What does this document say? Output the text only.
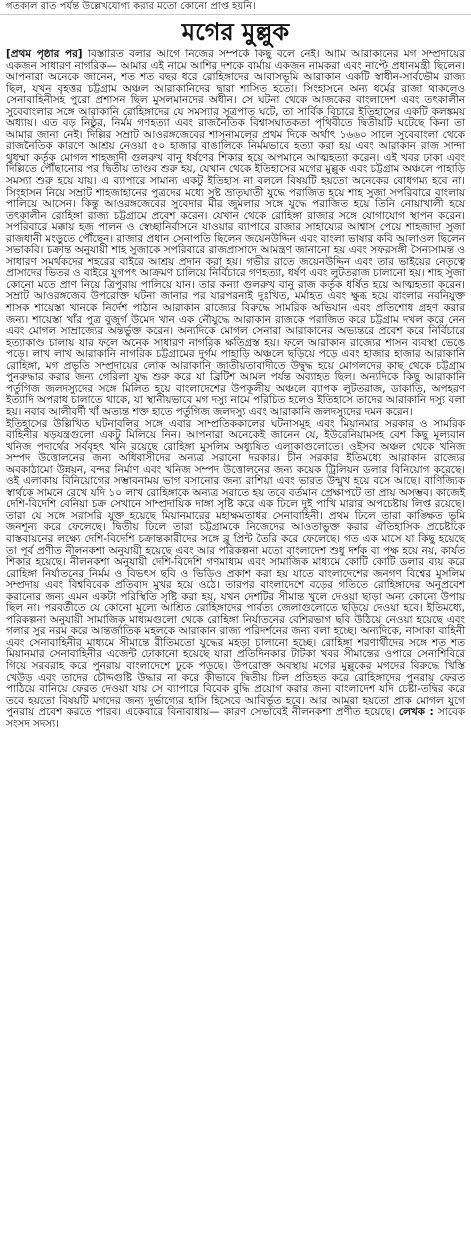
গতকাল রাত পর্যন্ত উল্লেখযোগ্য করার মতো কোনো প্রাপ্ত হয়নি।
মগের মুল্লুক

[প্রথম পৃষ্ঠার পর] বিস্তারিত বলার আগে নিজের সম্পর্কে কিছু বলে নেই। আমি আরাকানের মগ সম্প্রদায়ের একজন সাধারণ নাগরিক— আমার এই নামে আশির দশকে বার্মায় একজন নামকরা এবং নাপ্টে প্রধানমন্ত্রী ছিলেন। আপনারা অনেকে জানেন, শত শত বছর ধরে রোহিঙ্গাদের আবাসভূমি আরাকান একটি স্বাধীন-সার্বভৌম রাজ্য ছিল, যখন বৃহত্তর চট্টগ্রাম অঞ্চল আরাকানিদের দ্বারা শাসিত হতো। সিংহাসনে অন্য ধর্মের রাজা থাকলেও সেনাবাহিনীসহ পুরো প্রশাসন ছিল মুসলমানদের অধীন। সে ঘটনা থেকে আজকের বাংলাদেশ এবং তৎকালীন সুবেবাংলার সঙ্গে আরাকানি রোহিঙ্গাদের যে সমস্যার সূত্রপাত ঘটে, তা সার্বিক বিচারে ইতিহাসের একটি কলঙ্কময় অধ্যায়। এত বড় নিষ্ঠুর, নির্মম গণহত্যা এবং রাজনৈতিক বিশ্বাসঘাতকতা পৃথিবীতে দ্বিতীয়টি ঘটেছে কিনা তা আমার জানা নেই। দিল্লির সম্রাট আওরঙ্গজেবের শাসনামলের প্রথম দিকে অর্থাৎ ১৬৬০ সালে সুবেবাংলা থেকে রাজনৈতিক কারণে আশ্রয় নেওয়া ৫০ হাজার বাঙালিকে নির্মমভাবে হত্যা করা হয় এবং আরাকান রাজ সান্দা থুধম্মা কর্তৃক মোগল শাহজাদী গুলরুখ বানু ধর্ষণের শিকার হয়ে অপমানে আত্মহত্যা করেন। এই খবর ঢাকা এবং দিল্লিতে পৌঁছানোর পর দ্বিতীয় তাণ্ডব শুরু হয়, যেখান থেকে ইতিহাসের মগের মুল্লুক এবং চট্টগ্রাম অঞ্চলে পাহাড়ি সমস্যা শুরু হয়ে যায়। এ ব্যাপারে সামান্য একটু ইতিহাস না বললে বিষয়টি হয়তো অনেকের বোধগম্য হবে না। সিংহাসন নিয়ে সম্রাট শাহজাহানের পুত্রদের মধ্যে সৃষ্ট ভ্রাতৃঘাতী যুদ্ধে পরাজিত হয়ে শাহ সুজা সপরিবারে বাংলায় পালিয়ে আসেন। কিন্তু আওরঙ্গজেবের সুবেদার মীর জুমলার সঙ্গে যুদ্ধে পরাজিত হয়ে তিনি নোয়াখালী হয়ে তৎকালীন রোহিঙ্গা রাজ্য চট্টগ্রামে প্রবেশ করেন। যেখান থেকে রোহিঙ্গা রাজার সঙ্গে যোগাযোগ স্থাপন করেন। সপরিবারে মক্কায় হজ পালন ও স্বেচ্ছানির্বাসনে যাওয়ার ব্যাপারে রাজার সাহায্যের আশ্বাস পেয়ে শাহজাদা সুজা রাজধানী মংড়ুতে পৌঁছেন। রাজার প্রধান সেনাপতি ছিলেন জয়েনউদ্দিন এবং বাংলা ভাষার কবি আলাওল ছিলেন সভাকবি। চক্রান্ত অনুযায়ী শাহ সুজাকে সপরিবারে রাজপ্রাসাদে আমন্ত্রণ জানানো হয় এবং সফরসঙ্গী সৈন্যসামন্ত ও সাধারণ সমর্থকদের শহরের বাইরে আশ্রয় প্রদান করা হয়। গভীর রাতে জয়েনউদ্দিন এবং তার ভাইয়ের নেতৃত্বে প্রাসাদের ভিতর ও বাইরে যুগপৎ আক্রমণ চালিয়ে নির্বিচারে গণহত্যা, ধর্ষণ এবং লুটতরাজ চালানো হয়। শাহ সুজা কোনো মতে প্রাণ নিয়ে ত্রিপুরায় পালিয়ে যান। তার কন্যা গুলরুখ বানু রাজ কর্তৃক ধর্ষিত হয়ে আত্মহত্যা করেন। সম্রাট আওরঙ্গজেব উপরোক্ত ঘটনা জানার পর যারপরনাই দুঃখিত, মর্মাহত এবং ক্ষুব্ধ হয়ে বাংলার নবনিযুক্ত শাসক শায়েস্তা খানকে নির্দেশ পাঠান আরাকান রাজ্যের বিরুদ্ধে সামরিক অভিযান এবং প্রতিশোধ গ্রহণ করার জন্য। শায়েস্তা খাঁর পুত্র বুজুর্গ উমেদ খান এক নৌযুদ্ধে আরাকান রাজকে পরাজিত করে চট্টগ্রাম দখল করে নেন এবং মোগল সাম্রাজ্যের অন্তর্ভুক্ত করেন। অন্যদিকে মোগল সেনারা আরাকানের অভ্যন্তরে প্রবেশ করে নির্বিচারে হত্যাকাণ্ড চালায় যার ফলে অনেক সাধারণ নাগরিক ক্ষতিগ্রস্ত হয়। ফলে আরাকান রাজ্যের শাসন ব্যবস্থা ভেঙে পড়ে। লাখ লাখ আরাকানি নাগরিক চট্টগ্রামের দুর্গম পাহাড়ি অঞ্চলে ছড়িয়ে পড়ে এবং হাজার হাজার আরাকানি রোহিঙ্গা, মগ প্রভৃতি সম্প্রদায়ের লোক আরাকানি জাতীয়তাবাদীতে উদ্বুদ্ধ হয়ে মোগলদের কাছ থেকে চট্টগ্রাম পুনরুদ্ধার করার জন্য গেরিলা যুদ্ধ শুরু করে যা ব্রিটিশ আমল পর্যন্ত অব্যাহত ছিল। অন্যদিকে কিছু আরাকানি পর্তুগিজ জলদস্যুদের সঙ্গে মিলিত হয়ে বাংলাদেশের উপকূলীয় অঞ্চলে ব্যাপক লুটতরাজ, ডাকাতি, অপহরণ ইত্যাদি অপরাধ চালাতে থাকে, যা স্থানীয়ভাবে মগ দস্যু নামে পরিচিত হলেও ইতিহাসে তাদের আরাকানি দস্যু বলা হয়। নবাব আলীবর্দী খাঁ অত্যন্ত শক্ত হাতে পর্তুগিজ জলদস্যু এবং আরাকানি জলদস্যুদের দমন করেন।

ইতিহাসের উল্লিখিত ঘটনাবলির সঙ্গে এবার সাম্প্রতিককালের ঘটনাসমূহ এবং মিয়ানমার সরকার ও সামরিক বাহিনীর ষড়যন্ত্রগুলো একটু মিলিয়ে নিন। আপনারা অনেকেই জানেন যে, ইউরেনিয়ামসহ বেশ কিছু মূল্যবান খনিজ পদার্থের সর্ববৃহৎ খনি রয়েছে রোহিঙ্গা মুসলিম অধ্যুষিত এলাকাগুলোতে। ওইসব অঞ্চল থেকে খনিজ সম্পদ উত্তোলনের জন্য অধিবাসীদের অন্যত্র সরানো দরকার। চীন সরকার ইতিমধ্যে আরাকান রাজ্যের অবকাঠামো উন্নয়ন, বন্দর নির্মাণ এবং খনিজ সম্পদ উত্তোলনের জন্য কয়েক ট্রিলিয়ন ডলার বিনিয়োগ করেছে। ওই এলাকায় বিনিয়োগের সম্ভাবনাময় ভাগ বসানোর জন্য রাশিয়া এবং ভারত উন্মুখ হয়ে বসে আছে। বাণিজ্যিক স্বার্থকে সামনে রেখে যদি ১০ লাখ রোহিঙ্গাকে অন্যত্র সরাতে হয় তবে বর্তমান প্রেক্ষাপটে তা প্রায় অসম্ভব। কাজেই দেশি-বিদেশি বেনিয়া চক্র সেখানে সাম্প্রদায়িক দাঙ্গা সৃষ্টি করে এক ঢিলে দুই পাখি মারার অপচেষ্টায় লিপ্ত রয়েছে। তারা যে সঙ্গে সরাসরি যুক্ত হয়েছে মিয়ানমারের মহাক্ষমতাধর সেনাবাহিনী। প্রথম ঢিলে তারা কাঙ্ক্ষিত ভূমি জনশূন্য করে ফেলেছে। দ্বিতীয় ঢিলে তারা চট্টগ্রামকে নিজেদের আওতাভুক্ত করার ঐতিহাসিক প্রচেষ্টাকে বাস্তবায়নের লক্ষ্যে দেশি-বিদেশি চক্রান্তকারীদের সঙ্গে ব্লু প্রিন্ট তৈরি করে ফেলেছে। গত এক মাসে যা কিছু হয়েছে তা পূর্ব প্রণীত নীলনকশা অনুযায়ী হয়েছে এবং আর পরিকল্পনা মতো বাংলাদেশ শুধু দর্শক বা পক্ষ হয়ে নয়, কার্যত শিকার হয়েছে। নীলনকশা অনুযায়ী দেশি-বিদেশি গণমাধ্যম এবং সামাজিক মাধ্যমে কোটি কোটি ডলার ব্যয় করে রোহিঙ্গা নির্যাতনের নির্মম ও বিভৎস ছবি ও ভিডিও প্রকাশ করা হয় যাতে বাংলাদেশের জনগণ বিশ্বের মুসলিম সম্প্রদায় এবং বিশ্ববিবেক প্রতিবাদ মুখর হয়ে ওঠে। তারপর বাংলাদেশে বড়ের গতিতে রোহিঙ্গাদের অনুপ্রবেশ করানোর জন্য এমন একটা পরিস্থিতি সৃষ্টি করা হয়, যখন দেশটির সীমান্ত খুলে দেওয়া ছাড়া অন্য কোনো উপায় ছিল না। পরবর্তীতে যে কোনো মূল্যে আশ্রিত রোহিঙ্গাদের পার্বত্য জেলাগুলোতে ছড়িয়ে দেওয়া হবে। ইতিমধ্যে, পরিকল্পনা অনুযায়ী সামাজিক মাধ্যমগুলো থেকে রোহিঙ্গা নির্যাতনের বেশিরভাগ ছবি উঠিয়ে নেওয়া হয়েছে এবং গলার সুর নরম করে আন্তর্জাতিক মহলকে আরাকান রাজ্য পরিদর্শনের জন্য বলা হচ্ছে। অন্যদিকে, নাসাকা বাহিনী এবং সেনাবাহিনীর মাধ্যমে সীমান্তে রীতিমতো যুদ্ধের মহড়া চালানো হচ্ছে। রোহিঙ্গা শরণার্থীদের সঙ্গে শত শত মিয়ানমার সেনাবাহিনীর এজেন্ট ঢোকানো হয়েছে যারা প্রতিদিনকার টাটকা খবর সীমান্তের ওপারে সেনাশিবিরে গিয়ে সরবরাহ করে পুনরায় বাংলাদেশে ঢুকে পড়ছে। উপরোক্ত অবস্থায় মগের মুল্লুকের মগদের বিরুদ্ধে খিস্তি খেউড় এবং তাদের চৌদ্দগুষ্টি উদ্ধার না করে কীভাবে দ্বিতীয় ঢিল প্রতিহত করে রোহিঙ্গাদের পুনরায় ফেরত পাঠিয়ে বানিয়ে ফেরত দেওয়া যায় সে ব্যাপারে বিবেক বুদ্ধি প্রয়োগ করার জন্য বাংলাদেশ যদি চেষ্টা-তদ্বির করে তবে হয়তো বিষয়টি মগদের জন্য দুর্ভাগ্যের হাসি হিসেবে আবির্ভূত হবে। আর আমরা হয়তো প্রাক মোগল যুগে পুনরায় প্রবেশ করতে পারব। একেবারে বিনাবাধায়— কারণ সেভাবেই নীলনকশা প্রণীত হয়েছে। লেখক : সাবেক সংসদ সদস্য।
